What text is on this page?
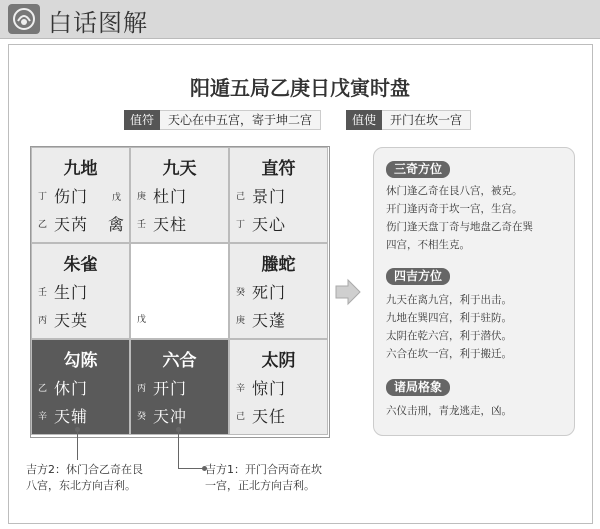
白话图解
阳遁五局乙庚日戊寅时盘
值符 天心在中五宫，寄于坤二宫	值使 开门在坎一宫
九地
丁 伤门	戊
乙 天芮 禽
九天
庚 杜门
壬 天柱
直符
己 景门
丁 天心
朱雀
壬 生门
丙 天英	戊
螣蛇
癸 死门
庚 天蓬
勾陈
乙 休门
辛 天辅
六合
丙 开门
癸 天冲
太阴
辛 惊门
己 天任
吉方2：休门合乙奇在艮
八宫，东北方向吉利。
吉方1：开门合丙奇在坎
一宫，正北方向吉利。
三奇方位
休门逢乙奇在艮八宫，被克。
开门逢丙奇于坎一宫，生宫。
伤门逢天盘丁奇与地盘乙奇在巽
四宫，不相生克。
四吉方位
九天在离九宫，利于出击。
九地在巽四宫，利于驻防。
太阴在乾六宫，利于潜伏。
六合在坎一宫，利于搬迁。
诸局格象
六仪击刑，青龙逃走，凶。
